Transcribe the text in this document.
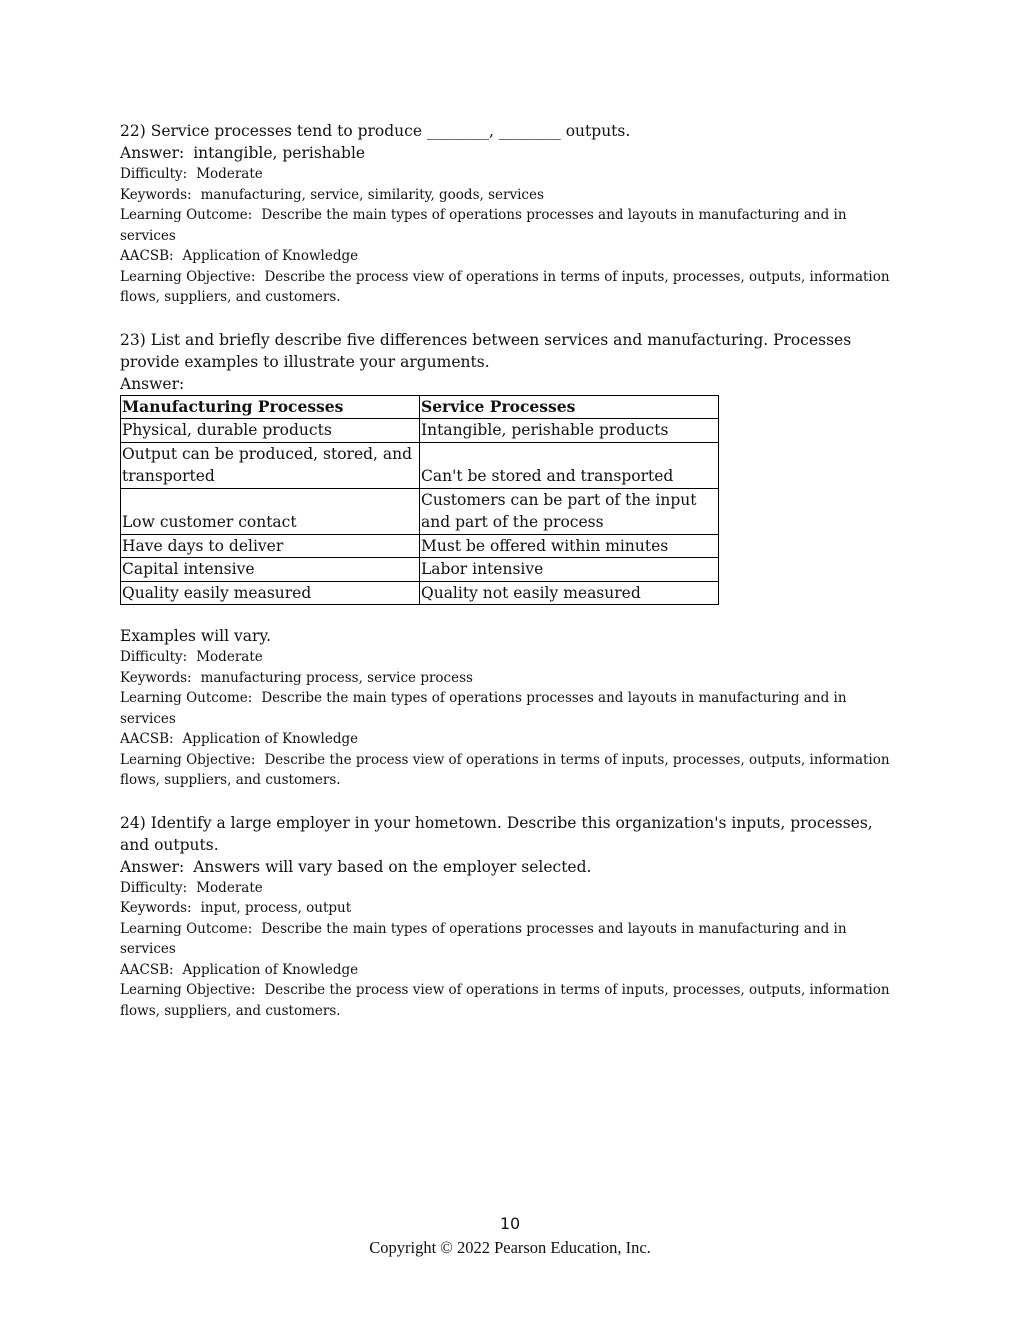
22) Service processes tend to produce ________, ________ outputs.

Answer: intangible, perishable

Difficulty: Moderate

Keywords: manufacturing, service, similarity, goods, services

Learning Outcome: Describe the main types of operations processes and layouts in manufacturing and in services

AACSB: Application of Knowledge

Learning Objective: Describe the process view of operations in terms of inputs, processes, outputs, information flows, suppliers, and customers.

23) List and briefly describe five differences between services and manufacturing. Processes provide examples to illustrate your arguments.

Answer:

Manufacturing Processes	Service Processes
Physical, durable products	Intangible, perishable products
Output can be produced, stored, and transported	Can't be stored and transported
Low customer contact	Customers can be part of the input and part of the process
Have days to deliver	Must be offered within minutes
Capital intensive	Labor intensive
Quality easily measured	Quality not easily measured

Examples will vary.

Difficulty: Moderate

Keywords: manufacturing process, service process

Learning Outcome: Describe the main types of operations processes and layouts in manufacturing and in services

AACSB: Application of Knowledge

Learning Objective: Describe the process view of operations in terms of inputs, processes, outputs, information flows, suppliers, and customers.

24) Identify a large employer in your hometown. Describe this organization's inputs, processes, and outputs.

Answer: Answers will vary based on the employer selected.

Difficulty: Moderate

Keywords: input, process, output

Learning Outcome: Describe the main types of operations processes and layouts in manufacturing and in services

AACSB: Application of Knowledge

Learning Objective: Describe the process view of operations in terms of inputs, processes, outputs, information flows, suppliers, and customers.

10
Copyright © 2022 Pearson Education, Inc.
